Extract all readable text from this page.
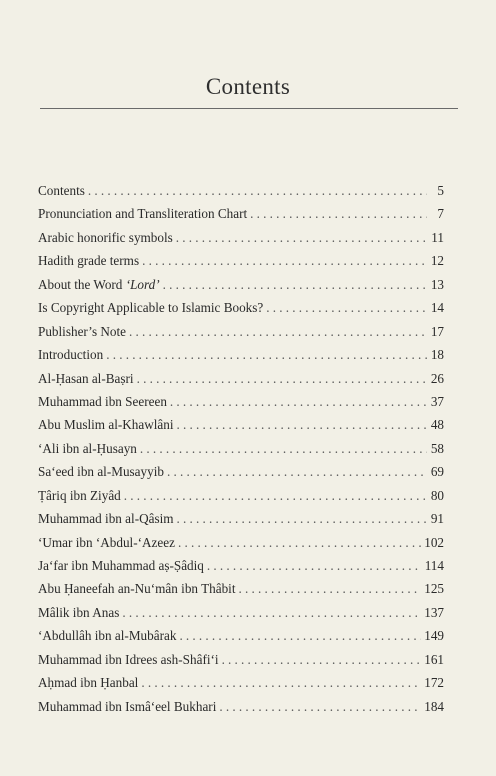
Contents
Contents .....	5
Pronunciation and Transliteration Chart .....	7
Arabic honorific symbols .....	11
Hadith grade terms .....	12
About the Word ‘Lord’ .....	13
Is Copyright Applicable to Islamic Books? .....	14
Publisher’s Note .....	17
Introduction .....	18
Al-Ḥasan al-Baṣri .....	26
Muhammad ibn Seereen .....	37
Abu Muslim al-Khawlâni .....	48
‘Ali ibn al-Ḥusayn .....	58
Sa‘eed ibn al-Musayyib .....	69
Ṭâriq ibn Ziyâd .....	80
Muhammad ibn al-Qâsim .....	91
‘Umar ibn ‘Abdul-‘Azeez .....	102
Ja‘far ibn Muhammad aṣ-Ṣâdiq .....	114
Abu Ḥaneefah an-Nu‘mân ibn Thâbit .....	125
Mâlik ibn Anas .....	137
‘Abdullâh ibn al-Mubârak .....	149
Muhammad ibn Idrees ash-Shâfi‘i .....	161
Aḥmad ibn Ḥanbal .....	172
Muhammad ibn Ismâ‘eel Bukhari .....	184
